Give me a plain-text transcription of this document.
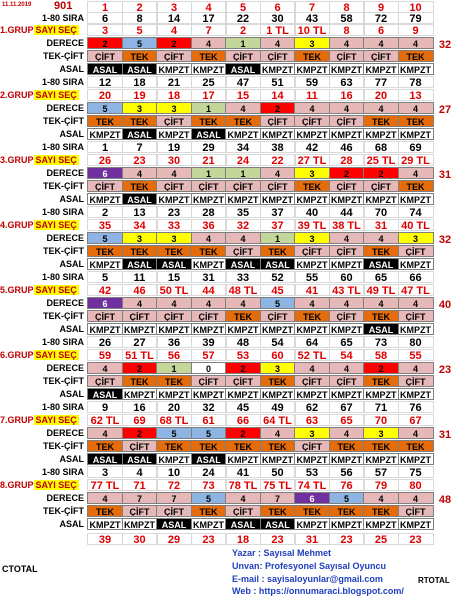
1	2	3	4	5	6	7	8	9	10
1-80 SIRA	6	8	14	17	22	30	43	58	72	79
1.GRUP SAYI SEÇ	3	5	4	7	2	1 TL 10 TL	8	6	9
DERECE	2	5	2	4	1	4	3	4	4	4	32
TEK-ÇİFT	ÇİFT	TEK	ÇİFT	TEK	ÇİFT	ÇİFT	TEK	ÇİFT	ÇİFT	TEK
ASAL ASAL	ASAL KMPZT KMPZT ASAL KMPZT KMPZT KMPZT KMPZT KMPZT
1-80 SIRA	12	18	21	25	47	51	59	63	77	78
2.GRUP SAYI SEÇ	20	19	18	17	15	14	11	16	20	13
DERECE	5	3	3	1	4	2	4	4	4	4	27
TEK-ÇİFT	TEK	TEK	ÇİFT	TEK	TEK	ÇİFT	ÇİFT	ÇİFT	TEK	TEK
ASAL KMPZT ASAL KMPZT ASAL KMPZT KMPZT KMPZT KMPZT KMPZT KMPZT
1-80 SIRA	1	7	19	29	34	38	42	46	68	69
3.GRUP SAYI SEÇ	26	23	30	21	24	22	27 TL	28	25 TL 29 TL
DERECE	6	4	4	1	1	4	3	2	2	4	31
TEK-ÇİFT	ÇİFT	TEK	ÇİFT	ÇİFT	ÇİFT	ÇİFT	TEK	ÇİFT	ÇİFT	TEK
ASAL KMPZT ASAL KMPZT KMPZT KMPZT KMPZT KMPZT KMPZT KMPZT KMPZT
1-80 SIRA	2	13	23	28	35	37	40	44	70	74
4.GRUP SAYI SEÇ	35	34	33	36	32	37	39 TL 38 TL	31	40 TL
DERECE	5	3	3	4	4	1	3	4	4	3	32
TEK-ÇİFT	TEK	TEK	TEK	TEK	ÇİFT	TEK	ÇİFT	ÇİFT	TEK	ÇİFT
ASAL KMPZT ASAL	ASAL KMPZT ASAL	ASAL KMPZT KMPZT ASAL KMPZT
1-80 SIRA	5	11	15	31	33	52	55	60	65	66
5.GRUP SAYI SEÇ	42	46	50 TL	44	48 TL	45	41	43 TL 49 TL 47 TL
DERECE	6	4	4	4	4	5	4	4	4	4	40
TEK-ÇİFT	ÇİFT	ÇİFT	ÇİFT	ÇİFT	TEK	ÇİFT	TEK	ÇİFT	TEK	ÇİFT
ASAL KMPZT KMPZT KMPZT KMPZT KMPZT KMPZT KMPZT KMPZT ASAL KMPZT
1-80 SIRA	26	27	36	39	48	54	64	65	73	80
6.GRUP SAYI SEÇ	59	51 TL	56	57	53	60	52 TL	54	58	55
DERECE	4	2	1	0	2	3	4	4	2	4	23
TEK-ÇİFT	ÇİFT	TEK	TEK	ÇİFT	ÇİFT	TEK	ÇİFT	ÇİFT	TEK	ÇİFT
ASAL ASAL KMPZT KMPZT KMPZT KMPZT KMPZT KMPZT KMPZT KMPZT KMPZT
1-80 SIRA	9	16	20	32	45	49	62	67	71	76
7.GRUP SAYI SEÇ	62 TL	69	68 TL	61	66	64 TL	63	65	70	67
DERECE	4	2	5	5	2	4	3	4	3	4	31
TEK-ÇİFT	TEK	ÇİFT	TEK	TEK	TEK	TEK	ÇİFT	TEK	TEK	TEK
ASAL ASAL	ASAL KMPZT ASAL KMPZT KMPZT KMPZT KMPZT KMPZT KMPZT
1-80 SIRA	3	4	10	24	41	50	53	56	57	75
8.GRUP SAYI SEÇ	77 TL	71	72	73	78 TL 75 TL 74 TL	76	79	80
DERECE	4	7	7	5	4	7	6	5	4	4	48
TEK-ÇİFT	TEK	ÇİFT	ÇİFT	TEK	ÇİFT	TEK	TEK	TEK	TEK	ÇİFT
ASAL KMPZT KMPZT ASAL KMPZT ASAL	ASAL KMPZT KMPZT KMPZT KMPZT
39	30	29	23	18	23	31	23	25	23
11.11.2019 901
CTOTAL
RTOTAL
Yazar : Sayısal Mehmet
Unvan: Profesyonel Sayısal Oyuncu
E-mail : sayisaloyunlar@gmail.com
Web : https://onnumaraci.blogspot.com/
